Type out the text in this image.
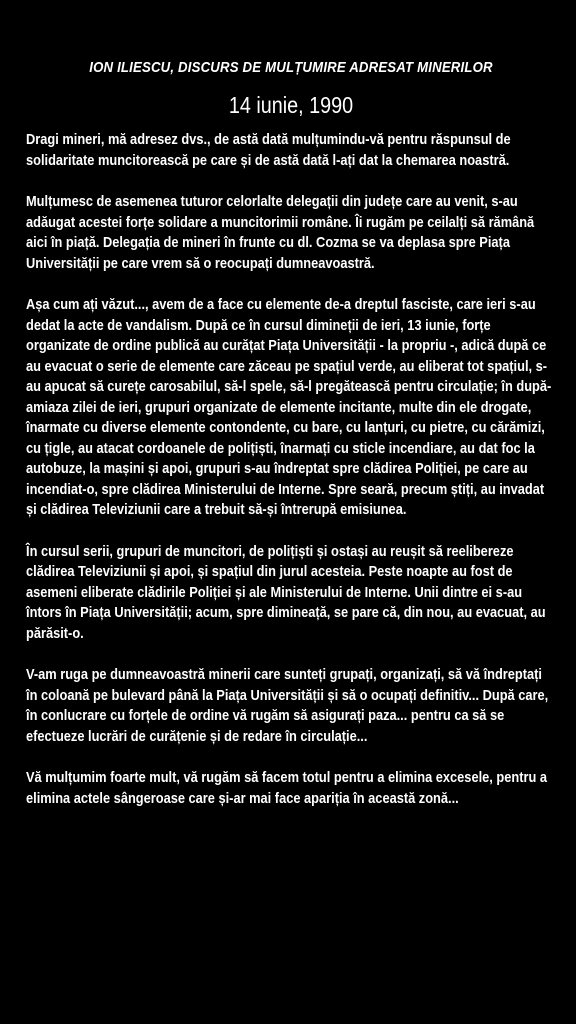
ION ILIESCU, DISCURS DE MULȚUMIRE ADRESAT MINERILOR
14 iunie, 1990

Dragi mineri, mă adresez dvs., de astă dată mulțumindu-vă pentru răspunsul de solidaritate muncitorească pe care și de astă dată l-ați dat la chemarea noastră.

Mulțumesc de asemenea tuturor celorlalte delegații din județe care au venit, s-au adăugat acestei forțe solidare a muncitorimii române. Îi rugăm pe ceilalți să rămână aici în piață. Delegația de mineri în frunte cu dl. Cozma se va deplasa spre Piața Universității pe care vrem să o reocupați dumneavoastră.

Așa cum ați văzut..., avem de a face cu elemente de-a dreptul fasciste, care ieri s-au dedat la acte de vandalism. După ce în cursul dimineții de ieri, 13 iunie, forțe organizate de ordine publică au curățat Piața Universității - la propriu -, adică după ce au evacuat o serie de elemente care zăceau pe spațiul verde, au eliberat tot spațiul, s-au apucat să curețe carosabilul, să-l spele, să-l pregătească pentru circulație; în după-amiaza zilei de ieri, grupuri organizate de elemente incitante, multe din ele drogate, înarmate cu diverse elemente contondente, cu bare, cu lanțuri, cu pietre, cu cărămizi, cu țigle, au atacat cordoanele de polițiști, înarmați cu sticle incendiare, au dat foc la autobuze, la mașini și apoi, grupuri s-au îndreptat spre clădirea Poliției, pe care au incendiat-o, spre clădirea Ministerului de Interne. Spre seară, precum știți, au invadat și clădirea Televiziunii care a trebuit să-și întrerupă emisiunea.

În cursul serii, grupuri de muncitori, de polițiști și ostași au reușit să reelibereze clădirea Televiziunii și apoi, și spațiul din jurul acesteia. Peste noapte au fost de asemeni eliberate clădirile Poliției și ale Ministerului de Interne. Unii dintre ei s-au întors în Piața Universității; acum, spre dimineață, se pare că, din nou, au evacuat, au părăsit-o.

V-am ruga pe dumneavoastră minerii care sunteți grupați, organizați, să vă îndreptați în coloană pe bulevard până la Piața Universității și să o ocupați definitiv... După care, în conlucrare cu forțele de ordine vă rugăm să asigurați paza... pentru ca să se efectueze lucrări de curățenie și de redare în circulație...

Vă mulțumim foarte mult, vă rugăm să facem totul pentru a elimina excesele, pentru a elimina actele sângeroase care și-ar mai face apariția în această zonă...
